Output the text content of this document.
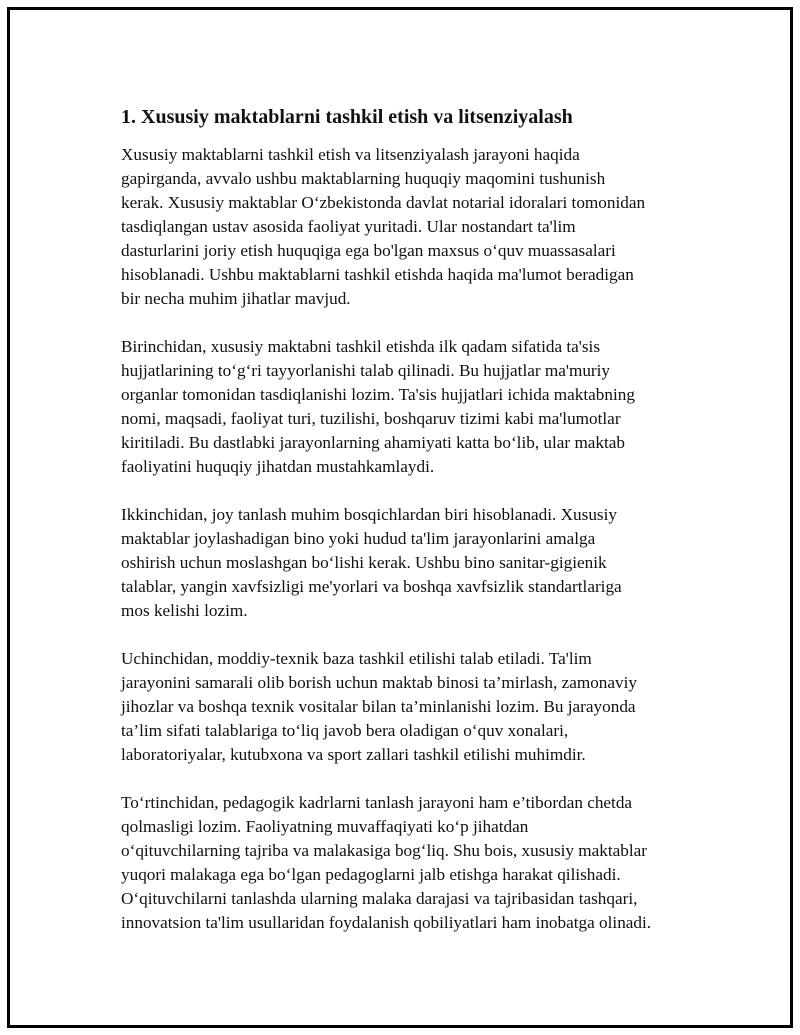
1. Xususiy maktablarni tashkil etish va litsenziyalash

Xususiy maktablarni tashkil etish va litsenziyalash jarayoni haqida
gapirganda, avvalo ushbu maktablarning huquqiy maqomini tushunish
kerak. Xususiy maktablar O‘zbekistonda davlat notarial idoralari tomonidan
tasdiqlangan ustav asosida faoliyat yuritadi. Ular nostandart ta'lim
dasturlarini joriy etish huquqiga ega bo'lgan maxsus o‘quv muassasalari
hisoblanadi. Ushbu maktablarni tashkil etishda haqida ma'lumot beradigan
bir necha muhim jihatlar mavjud.

Birinchidan, xususiy maktabni tashkil etishda ilk qadam sifatida ta'sis
hujjatlarining to‘g‘ri tayyorlanishi talab qilinadi. Bu hujjatlar ma'muriy
organlar tomonidan tasdiqlanishi lozim. Ta'sis hujjatlari ichida maktabning
nomi, maqsadi, faoliyat turi, tuzilishi, boshqaruv tizimi kabi ma'lumotlar
kiritiladi. Bu dastlabki jarayonlarning ahamiyati katta bo‘lib, ular maktab
faoliyatini huquqiy jihatdan mustahkamlaydi.

Ikkinchidan, joy tanlash muhim bosqichlardan biri hisoblanadi. Xususiy
maktablar joylashadigan bino yoki hudud ta'lim jarayonlarini amalga
oshirish uchun moslashgan bo‘lishi kerak. Ushbu bino sanitar-gigienik
talablar, yangin xavfsizligi me'yorlari va boshqa xavfsizlik standartlariga
mos kelishi lozim.

Uchinchidan, moddiy-texnik baza tashkil etilishi talab etiladi. Ta'lim
jarayonini samarali olib borish uchun maktab binosi ta’mirlash, zamonaviy
jihozlar va boshqa texnik vositalar bilan ta’minlanishi lozim. Bu jarayonda
ta’lim sifati talablariga to‘liq javob bera oladigan o‘quv xonalari,
laboratoriyalar, kutubxona va sport zallari tashkil etilishi muhimdir.

To‘rtinchidan, pedagogik kadrlarni tanlash jarayoni ham e’tibordan chetda
qolmasligi lozim. Faoliyatning muvaffaqiyati ko‘p jihatdan
o‘qituvchilarning tajriba va malakasiga bog‘liq. Shu bois, xususiy maktablar
yuqori malakaga ega bo‘lgan pedagoglarni jalb etishga harakat qilishadi.
O‘qituvchilarni tanlashda ularning malaka darajasi va tajribasidan tashqari,
innovatsion ta'lim usullaridan foydalanish qobiliyatlari ham inobatga olinadi.
